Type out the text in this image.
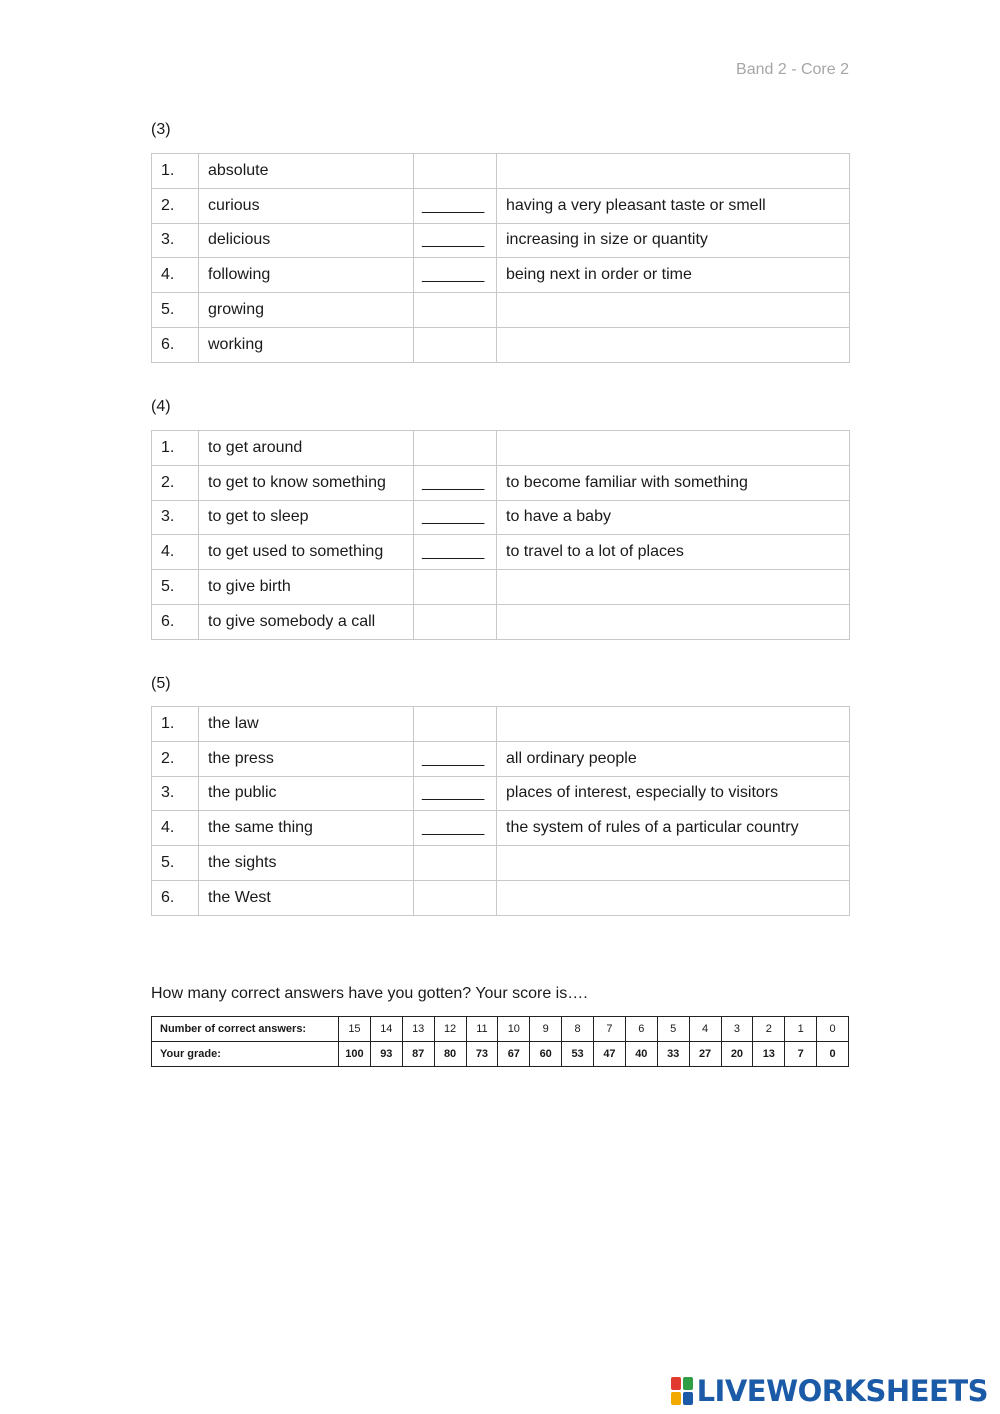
Band 2 - Core 2
(3)
1.	absolute		
2.	curious	_______	having a very pleasant taste or smell
3.	delicious	_______	increasing in size or quantity
4.	following	_______	being next in order or time
5.	growing		
6.	working		
(4)
1.	to get around		
2.	to get to know something	_______	to become familiar with something
3.	to get to sleep	_______	to have a baby
4.	to get used to something	_______	to travel to a lot of places
5.	to give birth		
6.	to give somebody a call		
(5)
1.	the law		
2.	the press	_______	all ordinary people
3.	the public	_______	places of interest, especially to visitors
4.	the same thing	_______	the system of rules of a particular country
5.	the sights		
6.	the West		
How many correct answers have you gotten? Your score is….
Number of correct answers:	15	14	13	12	11	10	9	8	7	6	5	4	3	2	1	0
Your grade:	100	93	87	80	73	67	60	53	47	40	33	27	20	13	7	0
LIVEWORKSHEETS
